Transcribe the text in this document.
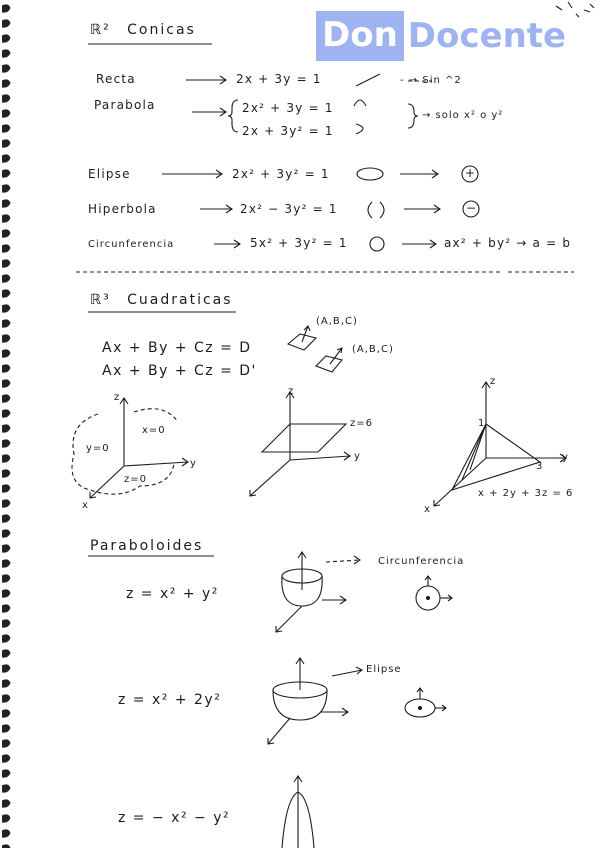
Don Docente
ℝ² Conicas
Recta	2x + 3y = 1	- → Sin ^2
Parabola	2x² + 3y = 1
2x + 3y² = 1
→ solo x² o y²
Elipse	2x² + 3y² = 1	+
Hiperbola	2x² − 3y² = 1	−
Circunferencia	5x² + 3y² = 1	ax² + by² → a = b
ℝ³ Cuadraticas
Ax + By + Cz = D
Ax + By + Cz = D'
(A,B,C)
(A,B,C)
z
y
x
x=0
y=0
z=0
z
y
z=6
z
y
x
1
3
x + 2y + 3z = 6
Paraboloides
z = x² + y²
Circunferencia
z = x² + 2y²
Elipse
z = − x² − y²
